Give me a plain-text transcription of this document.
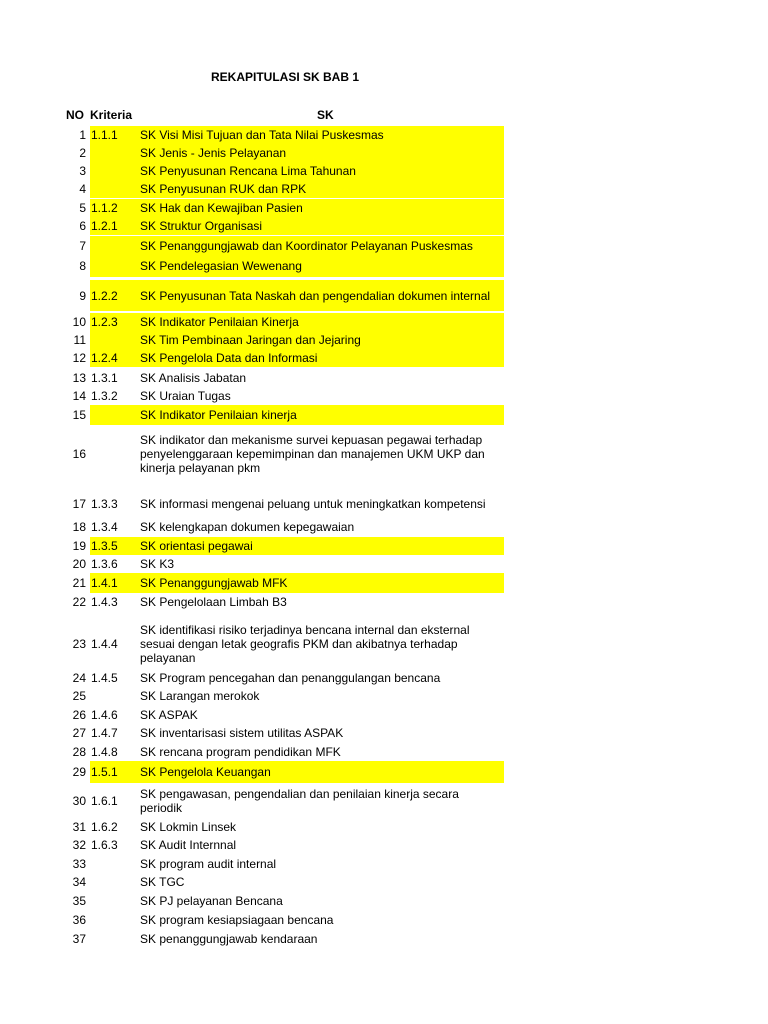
REKAPITULASI SK BAB 1
NO Kriteria	SK
1 1.1.1	SK Visi Misi Tujuan dan Tata Nilai Puskesmas
2	SK Jenis - Jenis Pelayanan
3	SK Penyusunan Rencana Lima Tahunan
4	SK Penyusunan RUK dan RPK
5 1.1.2	SK Hak dan Kewajiban Pasien
6 1.2.1	SK Struktur Organisasi
7	SK Penanggungjawab dan Koordinator Pelayanan Puskesmas
8	SK Pendelegasian Wewenang
9 1.2.2	SK Penyusunan Tata Naskah dan pengendalian dokumen internal
10 1.2.3	SK Indikator Penilaian Kinerja
11	SK Tim Pembinaan Jaringan dan Jejaring
12 1.2.4	SK Pengelola Data dan Informasi
13 1.3.1	SK Analisis Jabatan
14 1.3.2	SK Uraian Tugas
15	SK Indikator Penilaian kinerja
16
SK indikator dan mekanisme survei kepuasan pegawai terhadap penyelenggaraan kepemimpinan dan manajemen UKM UKP dan kinerja pelayanan pkm
17 1.3.3	SK informasi mengenai peluang untuk meningkatkan kompetensi
18 1.3.4	SK kelengkapan dokumen kepegawaian
19 1.3.5	SK orientasi pegawai
20 1.3.6	SK K3
21 1.4.1	SK Penanggungjawab MFK
22 1.4.3	SK Pengelolaan Limbah B3
23 1.4.4
SK identifikasi risiko terjadinya bencana internal dan eksternal sesuai dengan letak geografis PKM dan akibatnya terhadap pelayanan
24 1.4.5	SK Program pencegahan dan penanggulangan bencana
25	SK Larangan merokok
26 1.4.6	SK ASPAK
27 1.4.7	SK inventarisasi sistem utilitas ASPAK
28 1.4.8	SK rencana program pendidikan MFK
29 1.5.1	SK Pengelola Keuangan
30 1.6.1	SK pengawasan, pengendalian dan penilaian kinerja secara periodik
31 1.6.2	SK Lokmin Linsek
32 1.6.3	SK Audit Internnal
33	SK program audit internal
34	SK TGC
35	SK PJ pelayanan Bencana
36	SK program kesiapsiagaan bencana
37	SK penanggungjawab kendaraan
